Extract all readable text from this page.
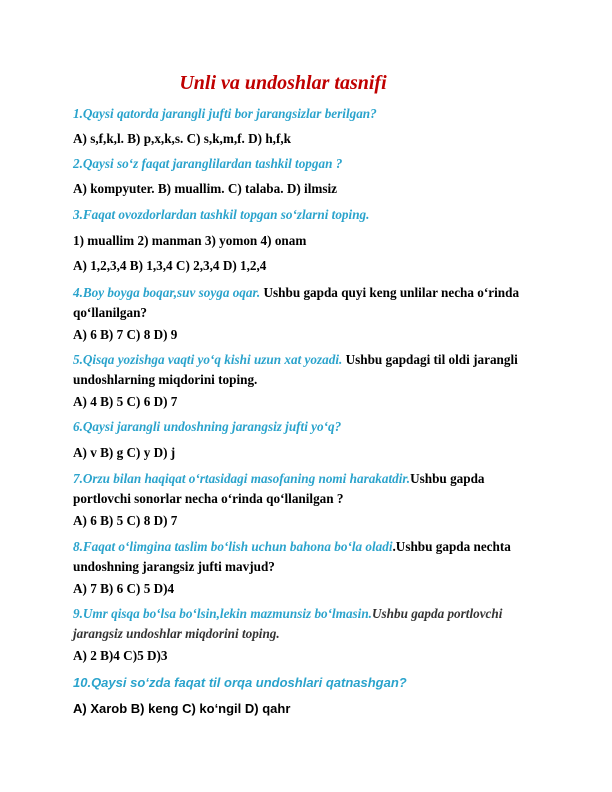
Unli va undoshlar tasnifi
1.Qaysi qatorda jarangli jufti bor jarangsizlar berilgan?
A) s,f,k,l. B) p,x,k,s. C) s,k,m,f. D) h,f,k
2.Qaysi so‘z faqat jaranglilardan tashkil topgan ?
A) kompyuter. B) muallim. C) talaba. D) ilmsiz
3.Faqat ovozdorlardan tashkil topgan so‘zlarni toping.
1) muallim 2) manman 3) yomon 4) onam
A) 1,2,3,4 B) 1,3,4 C) 2,3,4 D) 1,2,4
4.Boy boyga boqar,suv soyga oqar. Ushbu gapda quyi keng unlilar necha o‘rinda qo‘llanilgan?
A) 6 B) 7 C) 8 D) 9
5.Qisqa yozishga vaqti yo‘q kishi uzun xat yozadi. Ushbu gapdagi til oldi jarangli undoshlarning miqdorini toping.
A) 4 B) 5 C) 6 D) 7
6.Qaysi jarangli undoshning jarangsiz jufti yo‘q?
A) v B) g C) y D) j
7.Orzu bilan haqiqat o‘rtasidagi masofaning nomi harakatdir.Ushbu gapda portlovchi sonorlar necha o‘rinda qo‘llanilgan ?
A) 6 B) 5 C) 8 D) 7
8.Faqat o‘limgina taslim bo‘lish uchun bahona bo‘la oladi.Ushbu gapda nechta undoshning jarangsiz jufti mavjud?
A) 7 B) 6 C) 5 D)4
9.Umr qisqa bo‘lsa bo‘lsin,lekin mazmunsiz bo‘lmasin.Ushbu gapda portlovchi jarangsiz undoshlar miqdorini toping.
A) 2 B)4 C)5 D)3
10.Qaysi so‘zda faqat til orqa undoshlari qatnashgan?
A) Xarob B) keng C) ko‘ngil D) qahr
